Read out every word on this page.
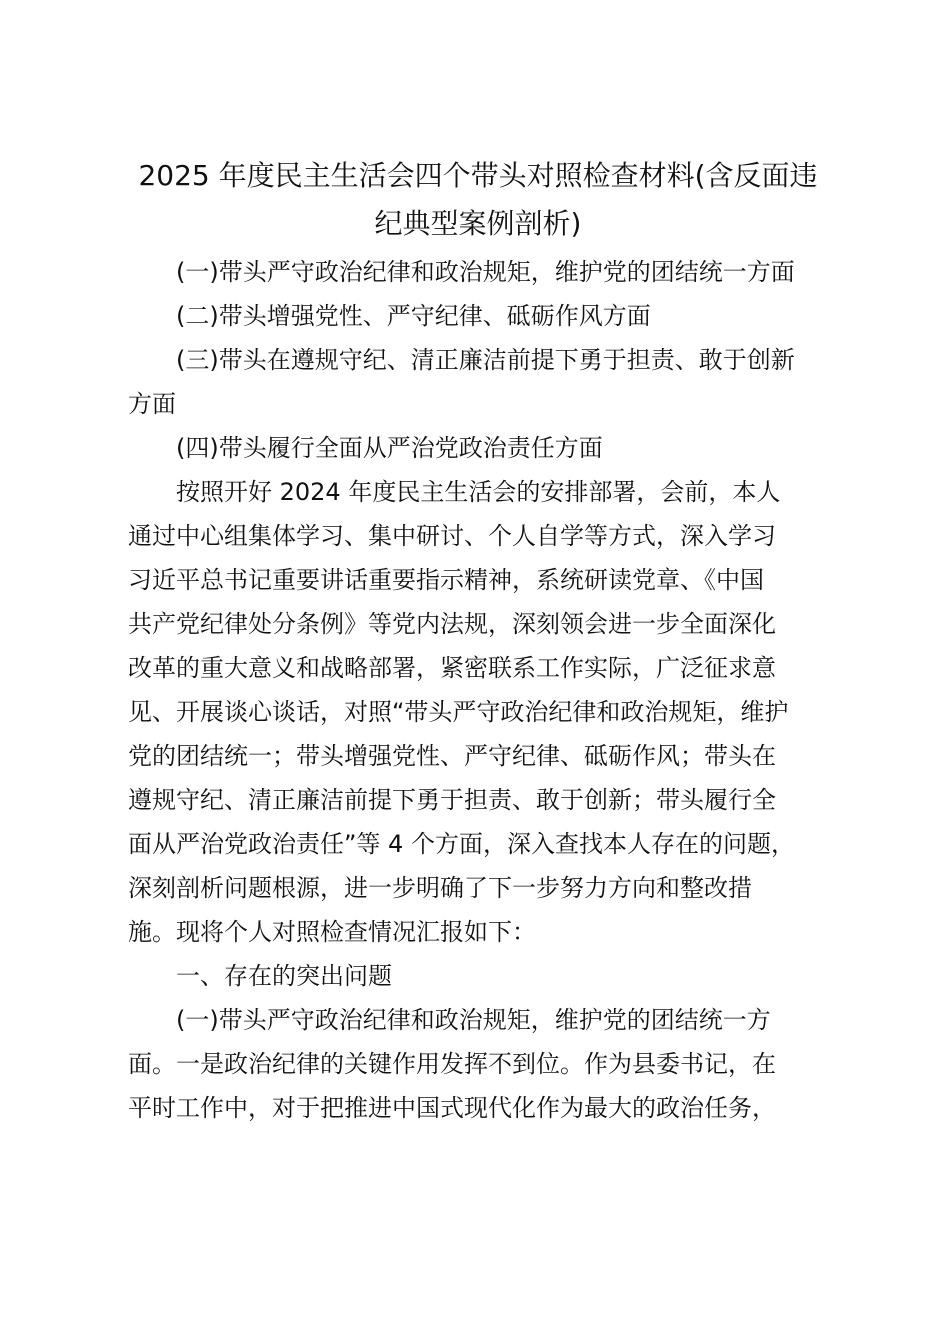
2025 年度民主生活会四个带头对照检查材料(含反面违
纪典型案例剖析)

(一)带头严守政治纪律和政治规矩，维护党的团结统一方面

(二)带头增强党性、严守纪律、砥砺作风方面

(三)带头在遵规守纪、清正廉洁前提下勇于担责、敢于创新

方面

(四)带头履行全面从严治党政治责任方面

按照开好 2024 年度民主生活会的安排部署，会前，本人

通过中心组集体学习、集中研讨、个人自学等方式，深入学习

习近平总书记重要讲话重要指示精神，系统研读党章、《中国

共产党纪律处分条例》等党内法规，深刻领会进一步全面深化

改革的重大意义和战略部署，紧密联系工作实际，广泛征求意

见、开展谈心谈话，对照“带头严守政治纪律和政治规矩，维护

党的团结统一；带头增强党性、严守纪律、砥砺作风；带头在

遵规守纪、清正廉洁前提下勇于担责、敢于创新；带头履行全

面从严治党政治责任”等 4 个方面，深入查找本人存在的问题，

深刻剖析问题根源，进一步明确了下一步努力方向和整改措

施。现将个人对照检查情况汇报如下：

一、存在的突出问题

(一)带头严守政治纪律和政治规矩，维护党的团结统一方

面。一是政治纪律的关键作用发挥不到位。作为县委书记，在

平时工作中，对于把推进中国式现代化作为最大的政治任务，
